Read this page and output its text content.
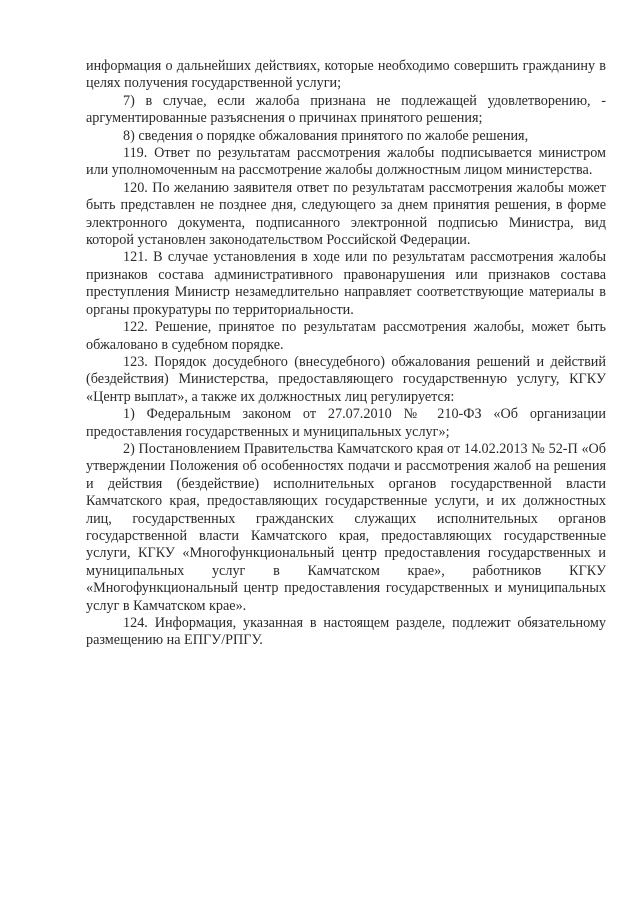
информация о дальнейших действиях, которые необходимо совершить гражданину в целях получения государственной услуги;

7) в случае, если жалоба признана не подлежащей удовлетворению, - аргументированные разъяснения о причинах принятого решения;

8) сведения о порядке обжалования принятого по жалобе решения,

119. Ответ по результатам рассмотрения жалобы подписывается министром или уполномоченным на рассмотрение жалобы должностным лицом министерства.

120. По желанию заявителя ответ по результатам рассмотрения жалобы может быть представлен не позднее дня, следующего за днем принятия решения, в форме электронного документа, подписанного электронной подписью Министра, вид которой установлен законодательством Российской Федерации.

121. В случае установления в ходе или по результатам рассмотрения жалобы признаков состава административного правонарушения или признаков состава преступления Министр незамедлительно направляет соответствующие материалы в органы прокуратуры по территориальности.

122. Решение, принятое по результатам рассмотрения жалобы, может быть обжаловано в судебном порядке.

123. Порядок досудебного (внесудебного) обжалования решений и действий (бездействия) Министерства, предоставляющего государственную услугу, КГКУ «Центр выплат», а также их должностных лиц регулируется:

1) Федеральным законом от 27.07.2010 № 210-ФЗ «Об организации предоставления государственных и муниципальных услуг»;

2) Постановлением Правительства Камчатского края от 14.02.2013 № 52-П «Об утверждении Положения об особенностях подачи и рассмотрения жалоб на решения и действия (бездействие) исполнительных органов государственной власти Камчатского края, предоставляющих государственные услуги, и их должностных лиц, государственных гражданских служащих исполнительных органов государственной власти Камчатского края, предоставляющих государственные услуги, КГКУ «Многофункциональный центр предоставления государственных и муниципальных услуг в Камчатском крае», работников КГКУ «Многофункциональный центр предоставления государственных и муниципальных услуг в Камчатском крае».

124. Информация, указанная в настоящем разделе, подлежит обязательному размещению на ЕПГУ/РПГУ.
